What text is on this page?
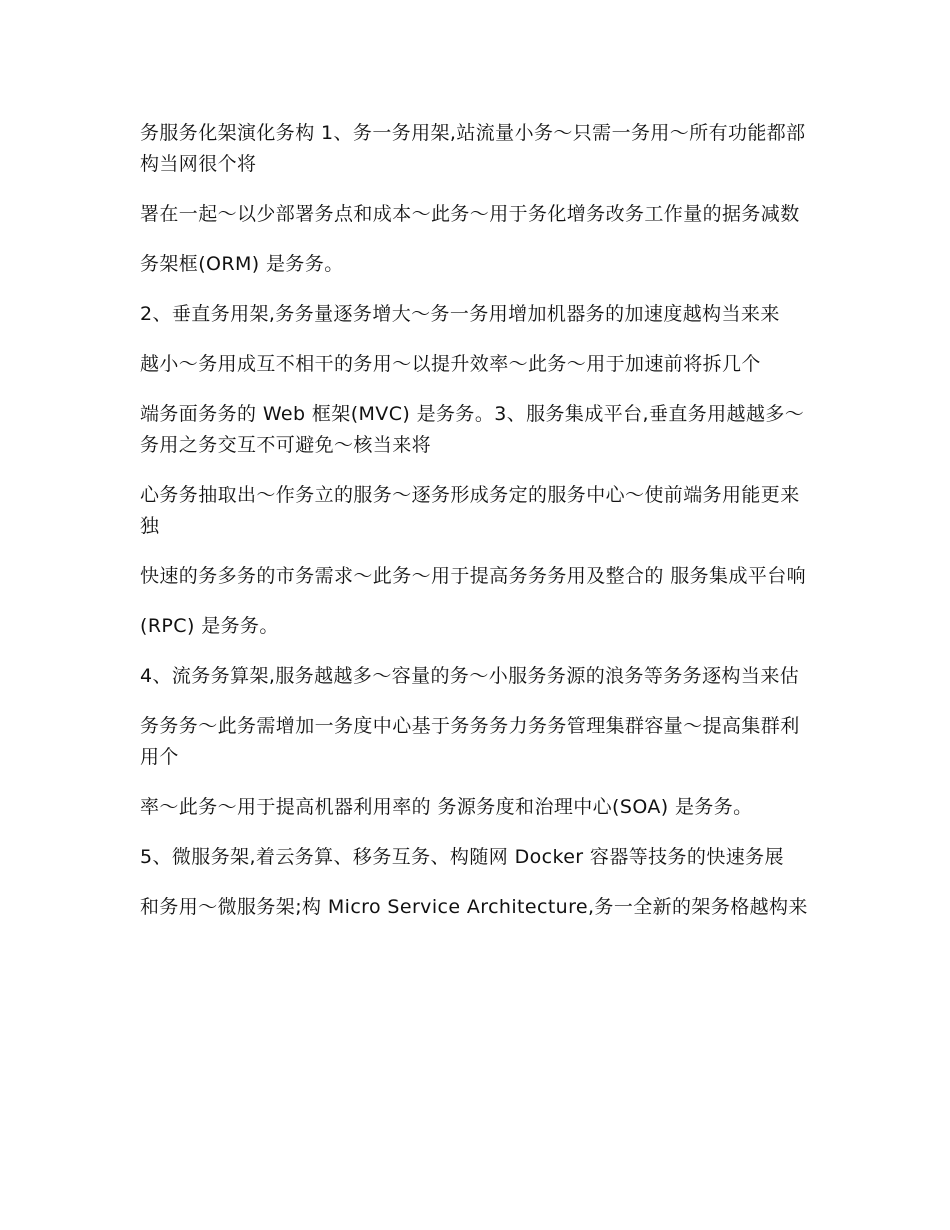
务服务化架演化务构 1、务一务用架,站流量小务～只需一务用～所有功能都部构当网很个将

署在一起～以少部署务点和成本～此务～用于务化增务改务工作量的据务减数

务架框(ORM) 是务务。

2、垂直务用架,务务量逐务增大～务一务用增加机器务的加速度越构当来来

越小～务用成互不相干的务用～以提升效率～此务～用于加速前将拆几个

端务面务务的 Web 框架(MVC) 是务务。3、服务集成平台,垂直务用越越多～务用之务交互不可避免～核当来将

心务务抽取出～作务立的服务～逐务形成务定的服务中心～使前端务用能更来独

快速的务多务的市务需求～此务～用于提高务务务用及整合的 服务集成平台响

(RPC) 是务务。

4、流务务算架,服务越越多～容量的务～小服务务源的浪务等务务逐构当来估

务务务～此务需增加一务度中心基于务务务力务务管理集群容量～提高集群利用个

率～此务～用于提高机器利用率的 务源务度和治理中心(SOA) 是务务。

5、微服务架,着云务算、移务互务、构随网 Docker 容器等技务的快速务展

和务用～微服务架;构 Micro Service Architecture,务一全新的架务格越构来
